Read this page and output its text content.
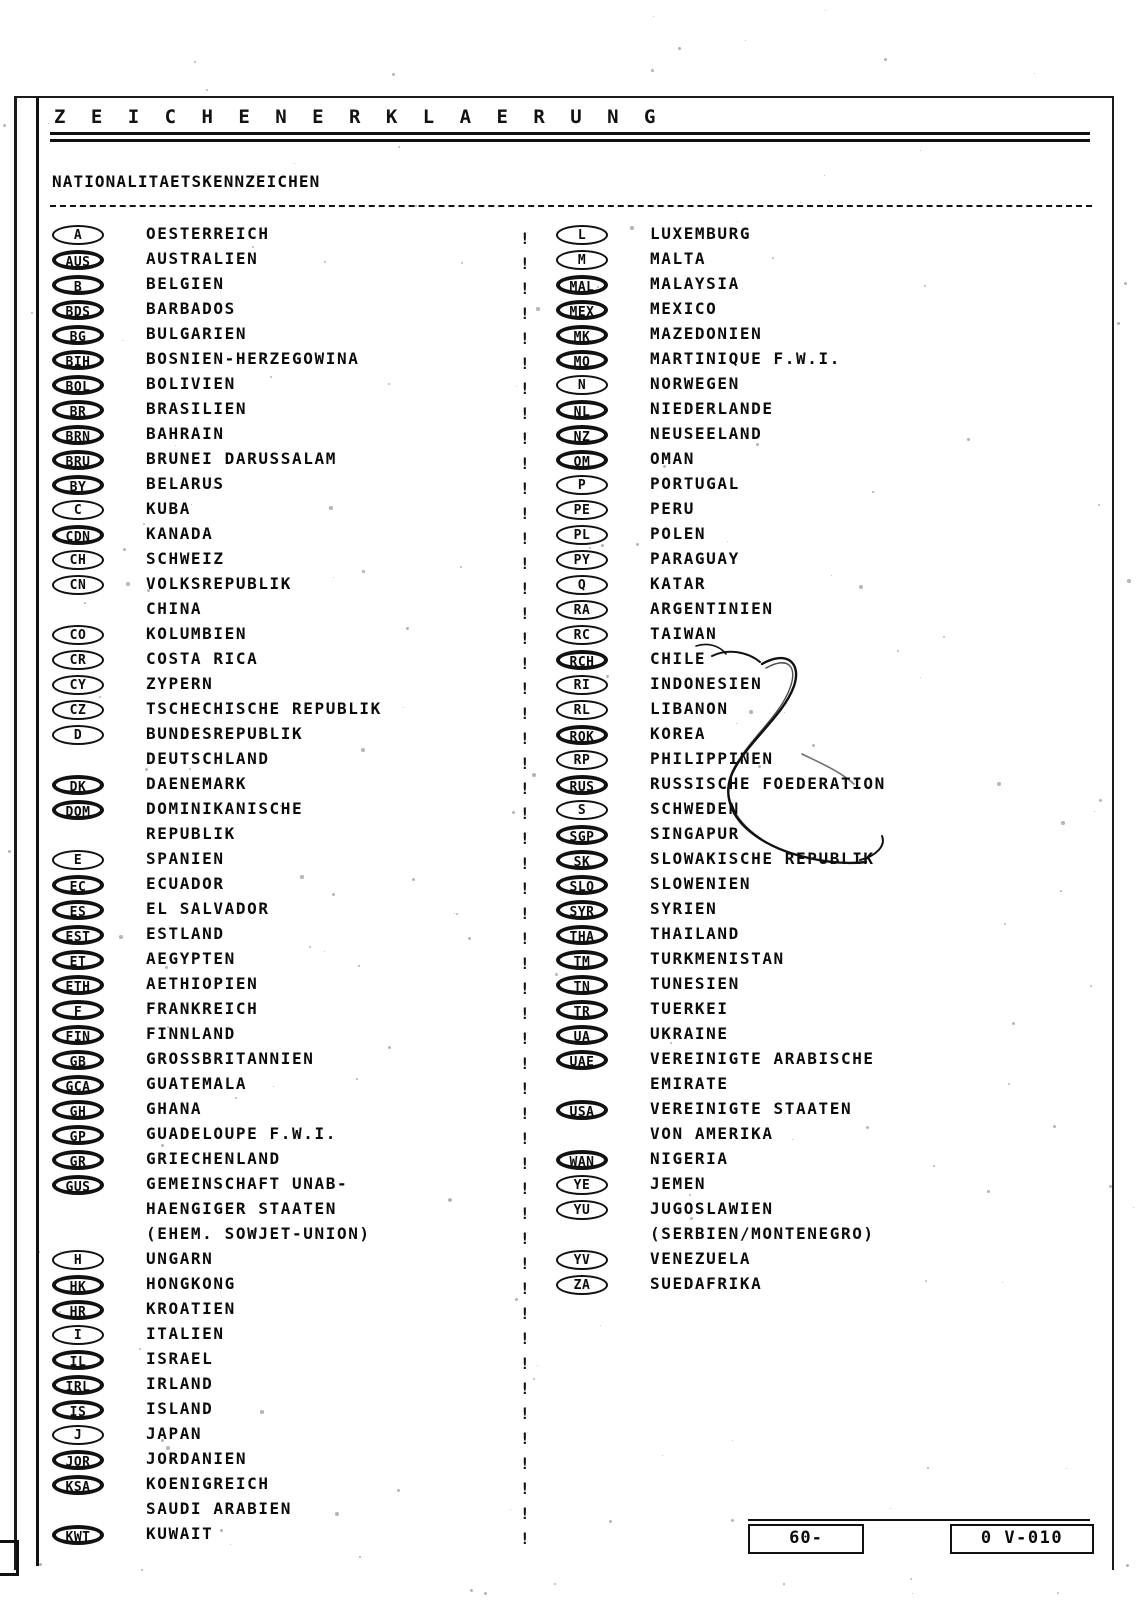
Z E I C H E N E R K L A E R U N G
NATIONALITAETSKENNZEICHEN
A	OESTERREICH
AUS	AUSTRALIEN
B	BELGIEN
BDS	BARBADOS
BG	BULGARIEN
BIH	BOSNIEN-HERZEGOWINA
BOL	BOLIVIEN
BR	BRASILIEN
BRN	BAHRAIN
BRU	BRUNEI DARUSSALAM
BY	BELARUS
C	KUBA
CDN	KANADA
CH	SCHWEIZ
CN	VOLKSREPUBLIK
CHINA
CO	KOLUMBIEN
CR	COSTA RICA
CY	ZYPERN
CZ	TSCHECHISCHE REPUBLIK
D	BUNDESREPUBLIK
DEUTSCHLAND
DK	DAENEMARK
DOM	DOMINIKANISCHE
REPUBLIK
E	SPANIEN
EC	ECUADOR
ES	EL SALVADOR
EST	ESTLAND
ET	AEGYPTEN
ETH	AETHIOPIEN
F	FRANKREICH
FIN	FINNLAND
GB	GROSSBRITANNIEN
GCA	GUATEMALA
GH	GHANA
GP	GUADELOUPE F.W.I.
GR	GRIECHENLAND
GUS	GEMEINSCHAFT UNAB-
HAENGIGER STAATEN
(EHEM. SOWJET-UNION)
H	UNGARN
HK	HONGKONG
HR	KROATIEN
I	ITALIEN
IL	ISRAEL
IRL	IRLAND
IS	ISLAND
J	JAPAN
JOR	JORDANIEN
KSA	KOENIGREICH
SAUDI ARABIEN
KWT	KUWAIT
!
!
!
!
!
!
!
!
!
!
!
!
!
!
!
!
!
!
!
!
!
!
!
!
!
!
!
!
!
!
!
!
!
!
!
!
!
!
!
!
!
!
!
!
!
!
!
!
!
!
!
!
!
L	LUXEMBURG
M	MALTA
MAL	MALAYSIA
MEX	MEXICO
MK	MAZEDONIEN
MQ	MARTINIQUE F.W.I.
N	NORWEGEN
NL	NIEDERLANDE
NZ	NEUSEELAND
OM	OMAN
P	PORTUGAL
PE	PERU
PL	POLEN
PY	PARAGUAY
Q	KATAR
RA	ARGENTINIEN
RC	TAIWAN
RCH	CHILE
RI	INDONESIEN
RL	LIBANON
ROK	KOREA
RP	PHILIPPINEN
RUS	RUSSISCHE FOEDERATION
S	SCHWEDEN
SGP	SINGAPUR
SK	SLOWAKISCHE REPUBLIK
SLO	SLOWENIEN
SYR	SYRIEN
THA	THAILAND
TM	TURKMENISTAN
TN	TUNESIEN
TR	TUERKEI
UA	UKRAINE
UAE	VEREINIGTE ARABISCHE
EMIRATE
USA	VEREINIGTE STAATEN
VON AMERIKA
WAN	NIGERIA
YE	JEMEN
YU	JUGOSLAWIEN
(SERBIEN/MONTENEGRO)
YV	VENEZUELA
ZA	SUEDAFRIKA
60-	0 V-010
